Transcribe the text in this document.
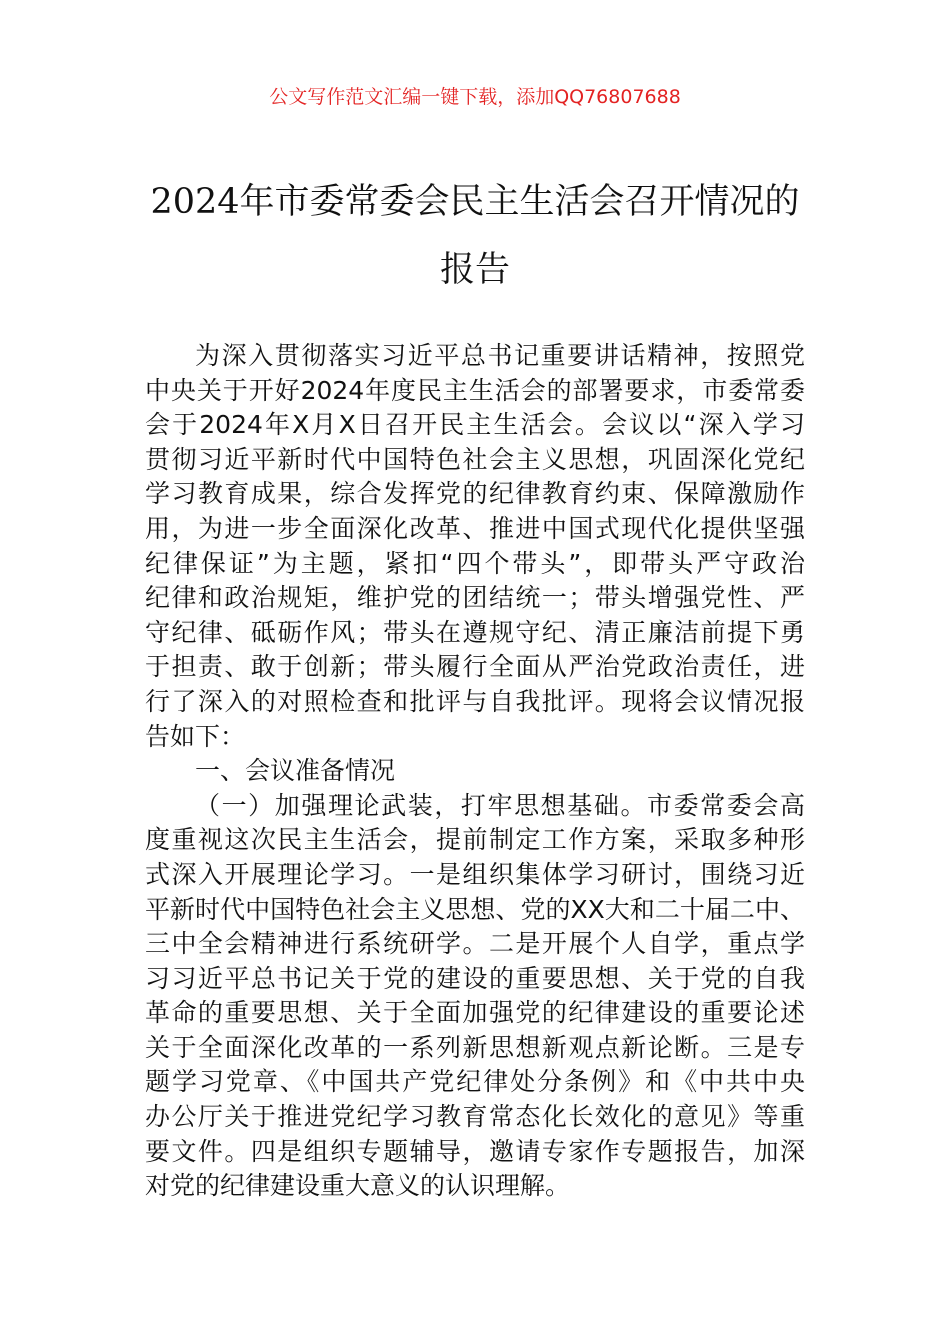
公文写作范文汇编一键下载，添加QQ76807688
2024年市委常委会民主生活会召开情况的
报告
为深入贯彻落实习近平总书记重要讲话精神，按照党
中央关于开好2024年度民主生活会的部署要求，市委常委
会于2024年X月X日召开民主生活会。会议以“深入学习
贯彻习近平新时代中国特色社会主义思想，巩固深化党纪
学习教育成果，综合发挥党的纪律教育约束、保障激励作
用，为进一步全面深化改革、推进中国式现代化提供坚强
纪律保证”为主题，紧扣“四个带头”，即带头严守政治
纪律和政治规矩，维护党的团结统一；带头增强党性、严
守纪律、砥砺作风；带头在遵规守纪、清正廉洁前提下勇
于担责、敢于创新；带头履行全面从严治党政治责任，进
行了深入的对照检查和批评与自我批评。现将会议情况报
告如下：
一、会议准备情况
（一）加强理论武装，打牢思想基础。市委常委会高
度重视这次民主生活会，提前制定工作方案，采取多种形
式深入开展理论学习。一是组织集体学习研讨，围绕习近
平新时代中国特色社会主义思想、党的XX大和二十届二中、
三中全会精神进行系统研学。二是开展个人自学，重点学
习习近平总书记关于党的建设的重要思想、关于党的自我
革命的重要思想、关于全面加强党的纪律建设的重要论述
关于全面深化改革的一系列新思想新观点新论断。三是专
题学习党章、《中国共产党纪律处分条例》和《中共中央
办公厅关于推进党纪学习教育常态化长效化的意见》等重
要文件。四是组织专题辅导，邀请专家作专题报告，加深
对党的纪律建设重大意义的认识理解。
